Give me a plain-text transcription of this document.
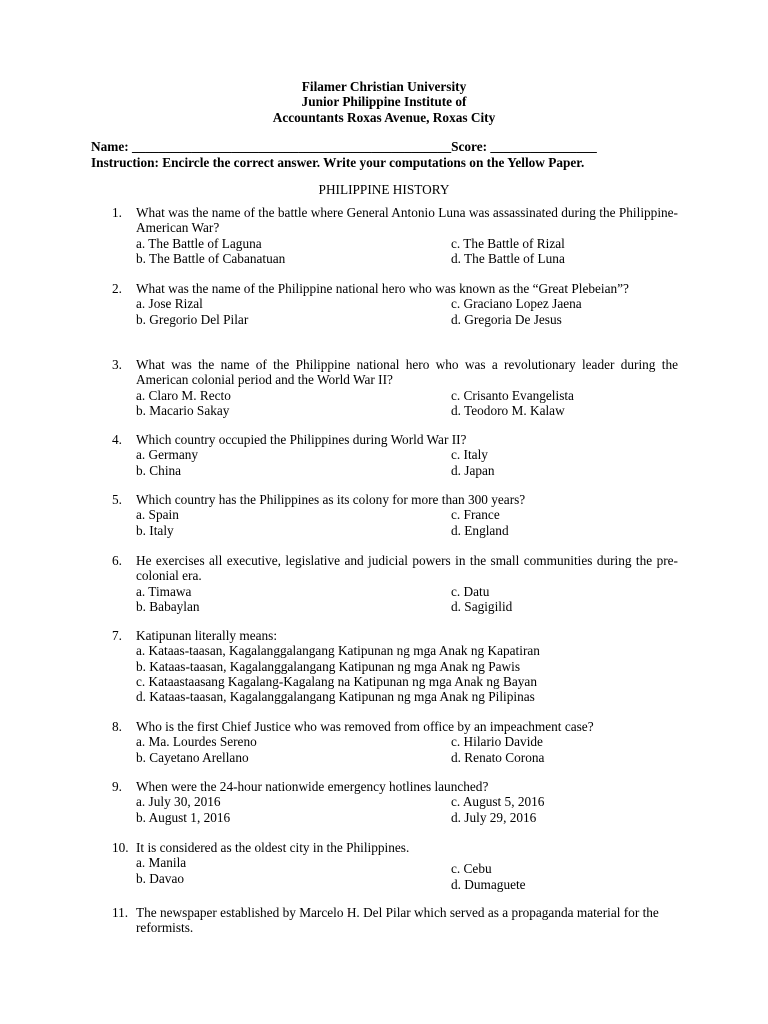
Filamer Christian University
Junior Philippine Institute of
Accountants Roxas Avenue, Roxas City
Name: ________________________________________________Score: ________________
Instruction: Encircle the correct answer. Write your computations on the Yellow Paper.
PHILIPPINE HISTORY
1.	What was the name of the battle where General Antonio Luna was assassinated during the Philippine-American War?
a. The Battle of Laguna	c. The Battle of Rizal
b. The Battle of Cabanatuan	d. The Battle of Luna
2.	What was the name of the Philippine national hero who was known as the “Great Plebeian”?
a. Jose Rizal	c. Graciano Lopez Jaena
b. Gregorio Del Pilar	d. Gregoria De Jesus
3.	What was the name of the Philippine national hero who was a revolutionary leader during the American colonial period and the World War II?
a. Claro M. Recto	c. Crisanto Evangelista
b. Macario Sakay	d. Teodoro M. Kalaw
4.	Which country occupied the Philippines during World War II?
a. Germany	c. Italy
b. China	d. Japan
5.	Which country has the Philippines as its colony for more than 300 years?
a. Spain	c. France
b. Italy	d. England
6.	He exercises all executive, legislative and judicial powers in the small communities during the pre-colonial era.
a. Timawa	c. Datu
b. Babaylan	d. Sagigilid
7.	Katipunan literally means:
a. Kataas-taasan, Kagalanggalangang Katipunan ng mga Anak ng Kapatiran
b. Kataas-taasan, Kagalanggalangang Katipunan ng mga Anak ng Pawis
c. Kataastaasang Kagalang-Kagalang na Katipunan ng mga Anak ng Bayan
d. Kataas-taasan, Kagalanggalangang Katipunan ng mga Anak ng Pilipinas
8.	Who is the first Chief Justice who was removed from office by an impeachment case?
a. Ma. Lourdes Sereno	c. Hilario Davide
b. Cayetano Arellano	d. Renato Corona
9.	When were the 24-hour nationwide emergency hotlines launched?
a. July 30, 2016	c. August 5, 2016
b. August 1, 2016	d. July 29, 2016
10. It is considered as the oldest city in the Philippines.
a. Manila
b. Davao
c. Cebu
d. Dumaguete
11. The newspaper established by Marcelo H. Del Pilar which served as a propaganda material for the reformists.
